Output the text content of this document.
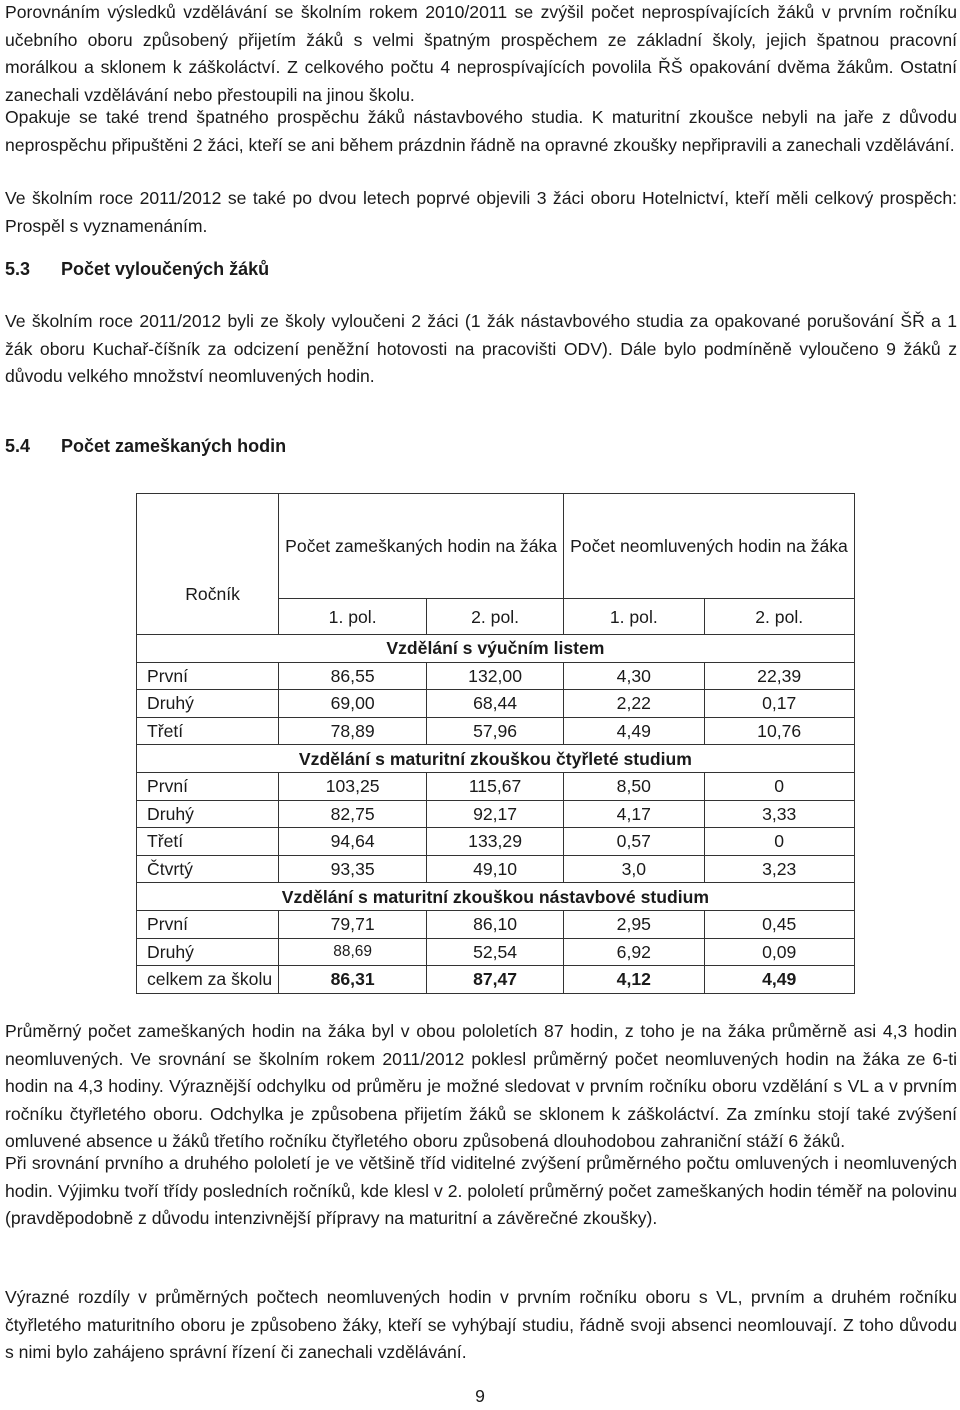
Porovnáním výsledků vzdělávání se školním rokem 2010/2011 se zvýšil počet neprospívajících žáků v prvním ročníku učebního oboru způsobený přijetím žáků s velmi špatným prospěchem ze základní školy, jejich špatnou pracovní morálkou a sklonem k záškoláctví. Z celkového počtu 4 neprospívajících povolila ŘŠ opakování dvěma žákům. Ostatní zanechali vzdělávání nebo přestoupili na jinou školu.

Opakuje se také trend špatného prospěchu žáků nástavbového studia. K maturitní zkoušce nebyli na jaře z důvodu neprospěchu připuštěni 2 žáci, kteří se ani během prázdnin řádně na opravné zkoušky nepřipravili a zanechali vzdělávání.

Ve školním roce 2011/2012 se také po dvou letech poprvé objevili 3 žáci oboru Hotelnictví, kteří měli celkový prospěch: Prospěl s vyznamenáním.

5.3 Počet vyloučených žáků

Ve školním roce 2011/2012 byli ze školy vyloučeni 2 žáci (1 žák nástavbového studia za opakované porušování ŠŘ a 1 žák oboru Kuchař-číšník za odcizení peněžní hotovosti na pracovišti ODV). Dále bylo podmíněně vyloučeno 9 žáků z důvodu velkého množství neomluvených hodin.

5.4 Počet zameškaných hodin
Ročník	Počet zameškaných hodin na žáka		Počet neomluvených hodin na žáka	
	1. pol.	2. pol.	1. pol.	2. pol.
Vzdělání s výučním listem				
První	86,55	132,00	4,30	22,39
Druhý	69,00	68,44	2,22	0,17
Třetí	78,89	57,96	4,49	10,76
Vzdělání s maturitní zkouškou čtyřleté studium				
První	103,25	115,67	8,50	0
Druhý	82,75	92,17	4,17	3,33
Třetí	94,64	133,29	0,57	0
Čtvrtý	93,35	49,10	3,0	3,23
Vzdělání s maturitní zkouškou nástavbové studium				
První	79,71	86,10	2,95	0,45
Druhý	88,69	52,54	6,92	0,09
celkem za školu	86,31	87,47	4,12	4,49

Průměrný počet zameškaných hodin na žáka byl v obou pololetích 87 hodin, z toho je na žáka průměrně asi 4,3 hodin neomluvených. Ve srovnání se školním rokem 2011/2012 poklesl průměrný počet neomluvených hodin na žáka ze 6-ti hodin na 4,3 hodiny. Výraznější odchylku od průměru je možné sledovat v prvním ročníku oboru vzdělání s VL a v prvním ročníku čtyřletého oboru. Odchylka je způsobena přijetím žáků se sklonem k záškoláctví. Za zmínku stojí také zvýšení omluvené absence u žáků třetího ročníku čtyřletého oboru způsobená dlouhodobou zahraniční stáží 6 žáků.

Při srovnání prvního a druhého pololetí je ve většině tříd viditelné zvýšení průměrného počtu omluvených i neomluvených hodin. Výjimku tvoří třídy posledních ročníků, kde klesl v 2. pololetí průměrný počet zameškaných hodin téměř na polovinu (pravděpodobně z důvodu intenzivnější přípravy na maturitní a závěrečné zkoušky).

Výrazné rozdíly v průměrných počtech neomluvených hodin v prvním ročníku oboru s VL, prvním a druhém ročníku čtyřletého maturitního oboru je způsobeno žáky, kteří se vyhýbají studiu, řádně svoji absenci neomlouvají. Z toho důvodu s nimi bylo zahájeno správní řízení či zanechali vzdělávání.

9
